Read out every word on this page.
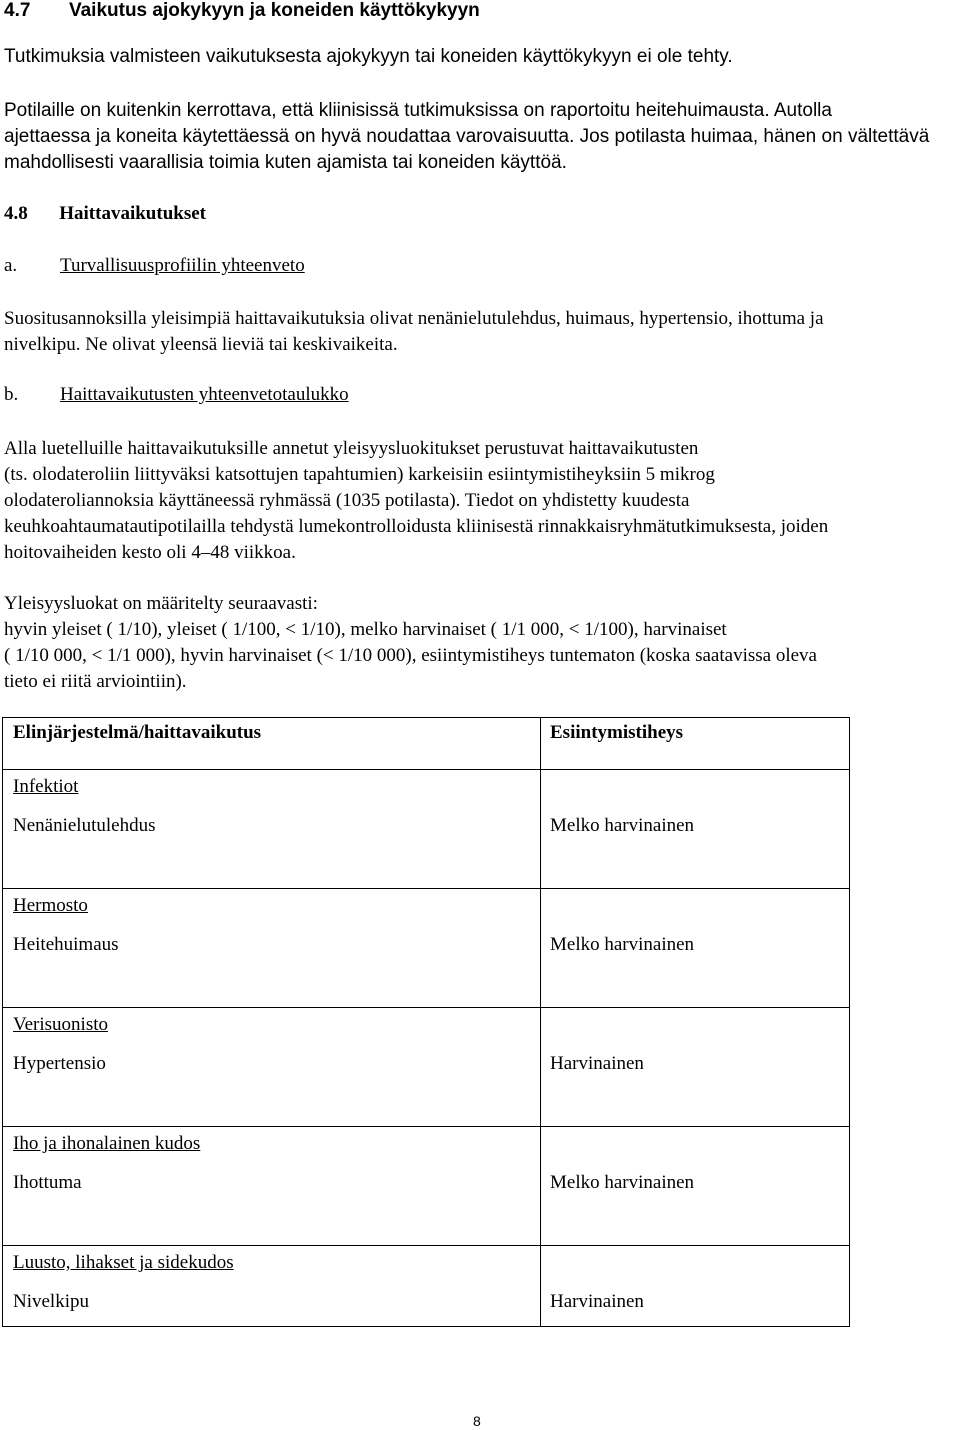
4.7 Vaikutus ajokykyyn ja koneiden käyttökykyyn

Tutkimuksia valmisteen vaikutuksesta ajokykyyn tai koneiden käyttökykyyn ei ole tehty.

Potilaille on kuitenkin kerrottava, että kliinisissä tutkimuksissa on raportoitu heitehuimausta. Autolla
ajettaessa ja koneita käytettäessä on hyvä noudattaa varovaisuutta. Jos potilasta huimaa, hänen on vältettävä
mahdollisesti vaarallisia toimia kuten ajamista tai koneiden käyttöä.
4.8 Haittavaikutukset
a. Turvallisuusprofiilin yhteenveto
Suositusannoksilla yleisimpiä haittavaikutuksia olivat nenänielutulehdus, huimaus, hypertensio, ihottuma ja
nivelkipu. Ne olivat yleensä lieviä tai keskivaikeita.
b. Haittavaikutusten yhteenvetotaulukko
Alla luetelluille haittavaikutuksille annetut yleisyysluokitukset perustuvat haittavaikutusten
(ts. olodateroliin liittyväksi katsottujen tapahtumien) karkeisiin esiintymistiheyksiin 5 mikrog
olodateroliannoksia käyttäneessä ryhmässä (1035 potilasta). Tiedot on yhdistetty kuudesta
keuhkoahtaumatautipotilailla tehdystä lumekontrolloidusta kliinisestä rinnakkaisryhmätutkimuksesta, joiden
hoitovaiheiden kesto oli 4–48 viikkoa.
Yleisyysluokat on määritelty seuraavasti:
hyvin yleiset ( 1/10), yleiset ( 1/100, < 1/10), melko harvinaiset ( 1/1 000, < 1/100), harvinaiset
( 1/10 000, < 1/1 000), hyvin harvinaiset (< 1/10 000), esiintymistiheys tuntematon (koska saatavissa oleva
tieto ei riitä arviointiin).
Elinjärjestelmä/haittavaikutus	Esiintymistiheys
Infektiot
Nenänielutulehdus	Melko harvinainen
Hermosto
Heitehuimaus	Melko harvinainen
Verisuonisto
Hypertensio	Harvinainen
Iho ja ihonalainen kudos
Ihottuma	Melko harvinainen
Luusto, lihakset ja sidekudos
Nivelkipu	Harvinainen
8
